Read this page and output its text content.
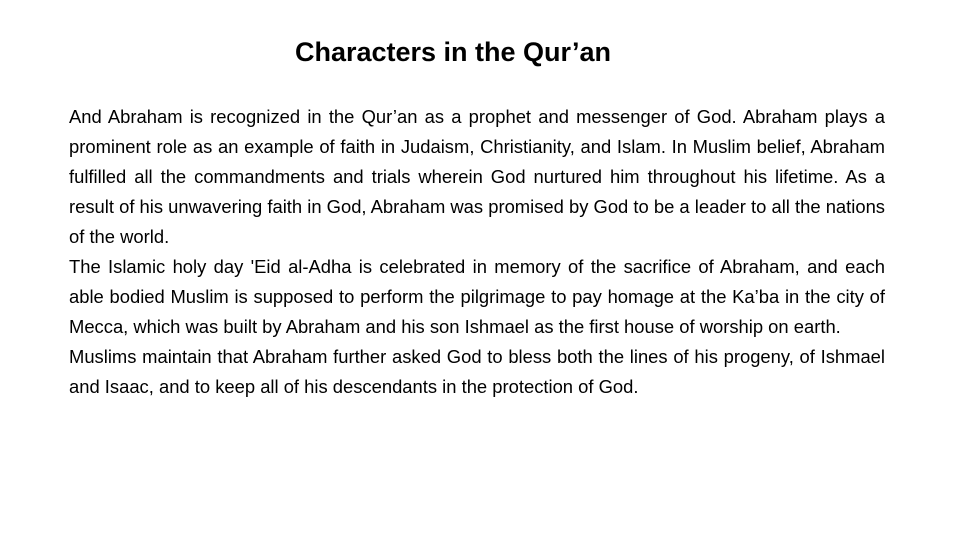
Characters in the Qur’an

And Abraham is recognized in the Qur’an as a prophet and messenger of God. Abraham plays a prominent role as an example of faith in Judaism, Christianity, and Islam. In Muslim belief, Abraham fulfilled all the commandments and trials wherein God nurtured him throughout his lifetime. As a result of his unwavering faith in God, Abraham was promised by God to be a leader to all the nations of the world.

The Islamic holy day 'Eid al-Adha is celebrated in memory of the sacrifice of Abraham, and each able bodied Muslim is supposed to perform the pilgrimage to pay homage at the Ka’ba in the city of Mecca, which was built by Abraham and his son Ishmael as the first house of worship on earth.

Muslims maintain that Abraham further asked God to bless both the lines of his progeny, of Ishmael and Isaac, and to keep all of his descendants in the protection of God.
